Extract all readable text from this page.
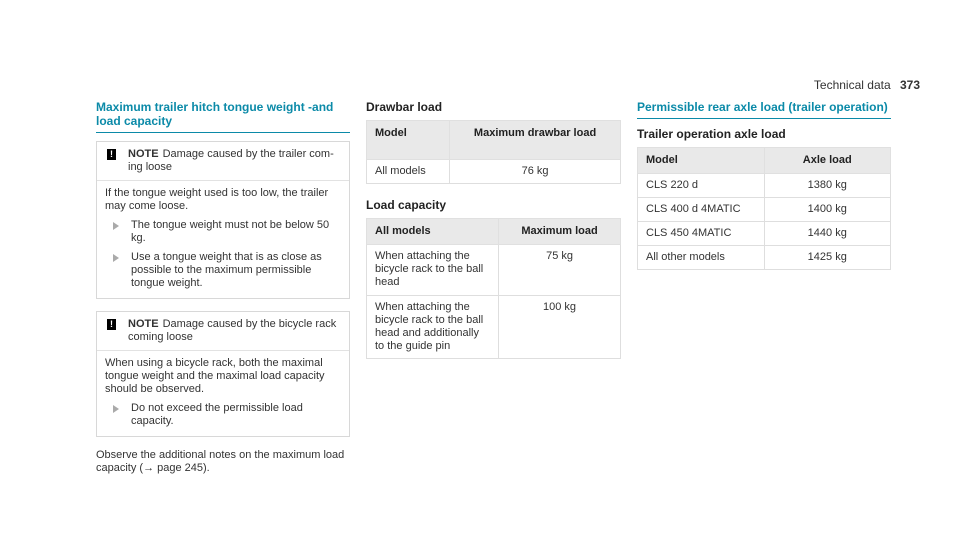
Technical data 373
Maximum trailer hitch tongue weight -and load capacity
! NOTE Damage caused by the trailer com-ing loose

If the tongue weight used is too low, the trailer may come loose.

The tongue weight must not be below 50 kg.
Use a tongue weight that is as close as possible to the maximum permissible tongue weight.
! NOTE Damage caused by the bicycle rack coming loose

When using a bicycle rack, both the maximal tongue weight and the maximal load capacity should be observed.

Do not exceed the permissible load capacity.
Observe the additional notes on the maximum load capacity (→ page 245).
Drawbar load
Model	Maximum drawbar load
All models	76 kg
Load capacity
All models	Maximum load
When attaching the bicycle rack to the ball head	75 kg
When attaching the bicycle rack to the ball head and additionally to the guide pin	100 kg
Permissible rear axle load (trailer operation)
Trailer operation axle load
Model	Axle load
CLS 220 d	1380 kg
CLS 400 d 4MATIC	1400 kg
CLS 450 4MATIC	1440 kg
All other models	1425 kg
